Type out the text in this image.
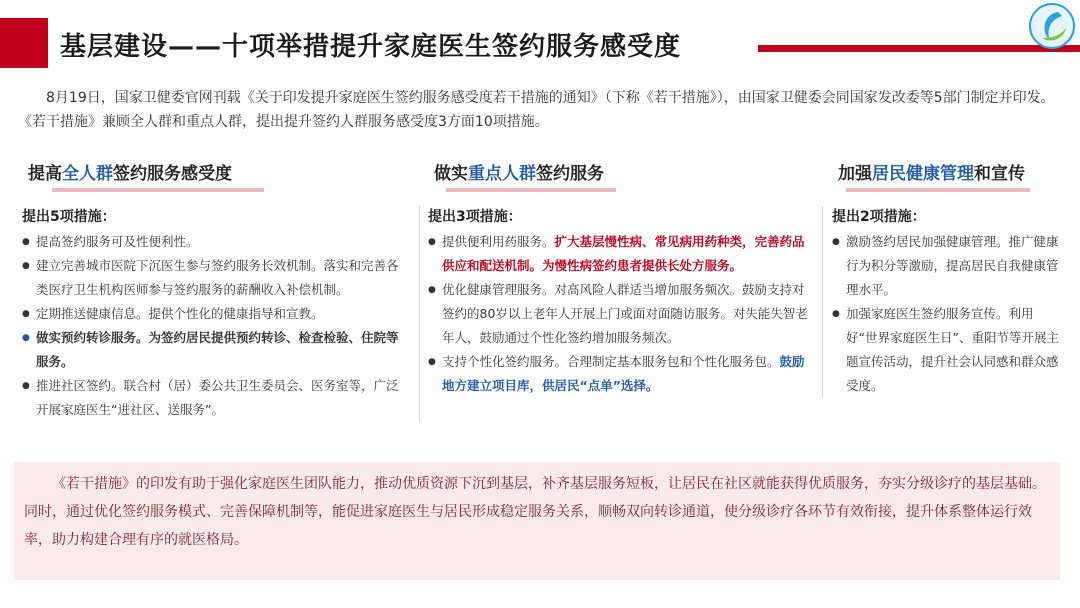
基层建设——十项举措提升家庭医生签约服务感受度

8月19日，国家卫健委官网刊载《关于印发提升家庭医生签约服务感受度若干措施的通知》（下称《若干措施》），由国家卫健委会同国家发改委等5部门制定并印发。《若干措施》兼顾全人群和重点人群，提出提升签约人群服务感受度3方面10项措施。

提高全人群签约服务感受度
提出5项措施：
● 提高签约服务可及性便利性。
● 建立完善城市医院下沉医生参与签约服务长效机制。落实和完善各类医疗卫生机构医师参与签约服务的薪酬收入补偿机制。
● 定期推送健康信息。提供个性化的健康指导和宣教。
● 做实预约转诊服务。为签约居民提供预约转诊、检查检验、住院等服务。
● 推进社区签约。联合村（居）委公共卫生委员会、医务室等，广泛开展家庭医生“进社区、送服务”。
做实重点人群签约服务
提出3项措施：
● 提供便利用药服务。扩大基层慢性病、常见病用药种类，完善药品供应和配送机制。为慢性病签约患者提供长处方服务。
● 优化健康管理服务。对高风险人群适当增加服务频次。鼓励支持对签约的80岁以上老年人开展上门或面对面随访服务。对失能失智老年人，鼓励通过个性化签约增加服务频次。
● 支持个性化签约服务。合理制定基本服务包和个性化服务包。鼓励地方建立项目库，供居民“点单”选择。
加强居民健康管理和宣传
提出2项措施：
● 激励签约居民加强健康管理。推广健康行为积分等激励，提高居民自我健康管理水平。
● 加强家庭医生签约服务宣传。利用好“世界家庭医生日”、重阳节等开展主题宣传活动，提升社会认同感和群众感受度。

《若干措施》的印发有助于强化家庭医生团队能力，推动优质资源下沉到基层，补齐基层服务短板，让居民在社区就能获得优质服务，夯实分级诊疗的基层基础。同时，通过优化签约服务模式、完善保障机制等，能促进家庭医生与居民形成稳定服务关系，顺畅双向转诊通道，使分级诊疗各环节有效衔接，提升体系整体运行效率，助力构建合理有序的就医格局。
